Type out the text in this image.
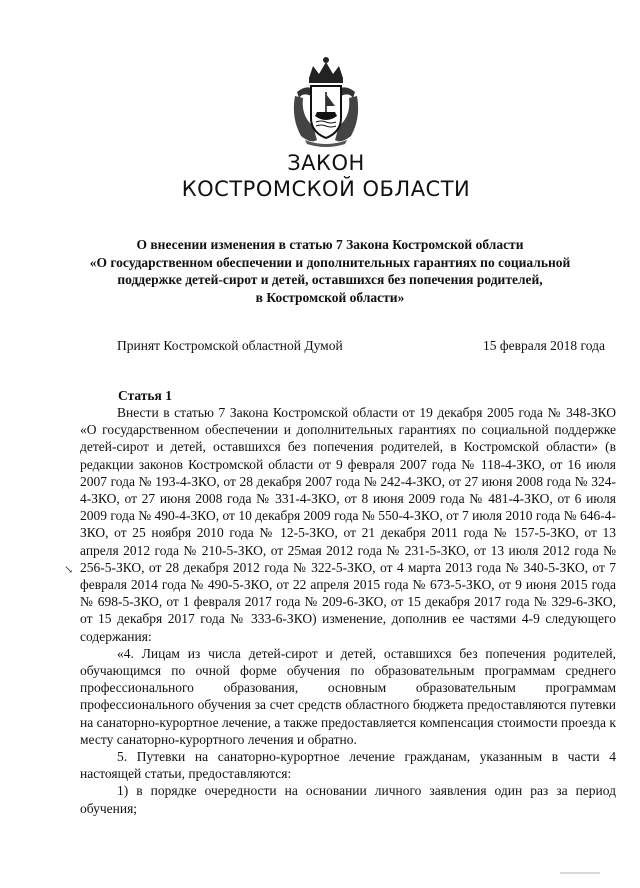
ЗАКОН
КОСТРОМСКОЙ ОБЛАСТИ
О внесении изменения в статью 7 Закона Костромской области
«О государственном обеспечении и дополнительных гарантиях по социальной
поддержке детей-сирот и детей, оставшихся без попечения родителей,
в Костромской области»
Принят Костромской областной Думой	15 февраля 2018 года
Статья 1

Внести в статью 7 Закона Костромской области от 19 декабря 2005 года № 348-ЗКО «О государственном обеспечении и дополнительных гарантиях по социальной поддержке детей-сирот и детей, оставшихся без попечения родителей, в Костромской области» (в редакции законов Костромской области от 9 февраля 2007 года № 118-4-ЗКО, от 16 июля 2007 года № 193-4-ЗКО, от 28 декабря 2007 года № 242-4-ЗКО, от 27 июня 2008 года № 324-4-ЗКО, от 27 июня 2008 года № 331-4-ЗКО, от 8 июня 2009 года № 481-4-ЗКО, от 6 июля 2009 года № 490-4-ЗКО, от 10 декабря 2009 года № 550-4-ЗКО, от 7 июля 2010 года № 646-4-ЗКО, от 25 ноября 2010 года № 12-5-ЗКО, от 21 декабря 2011 года № 157-5-ЗКО, от 13 апреля 2012 года № 210-5-ЗКО, от 25мая 2012 года № 231-5-ЗКО, от 13 июля 2012 года № 256-5-ЗКО, от 28 декабря 2012 года № 322-5-ЗКО, от 4 марта 2013 года № 340-5-ЗКО, от 7 февраля 2014 года № 490-5-ЗКО, от 22 апреля 2015 года № 673-5-ЗКО, от 9 июня 2015 года № 698-5-ЗКО, от 1 февраля 2017 года № 209-6-ЗКО, от 15 декабря 2017 года № 329-6-ЗКО, от 15 декабря 2017 года № 333-6-ЗКО) изменение, дополнив ее частями 4-9 следующего содержания:

«4. Лицам из числа детей-сирот и детей, оставшихся без попечения родителей, обучающимся по очной форме обучения по образовательным программам среднего профессионального образования, основным образовательным программам профессионального обучения за счет средств областного бюджета предоставляются путевки на санаторно-курортное лечение, а также предоставляется компенсация стоимости проезда к месту санаторно-курортного лечения и обратно.

5. Путевки на санаторно-курортное лечение гражданам, указанным в части 4 настоящей статьи, предоставляются:

1) в порядке очередности на основании личного заявления один раз за период обучения;

↘
